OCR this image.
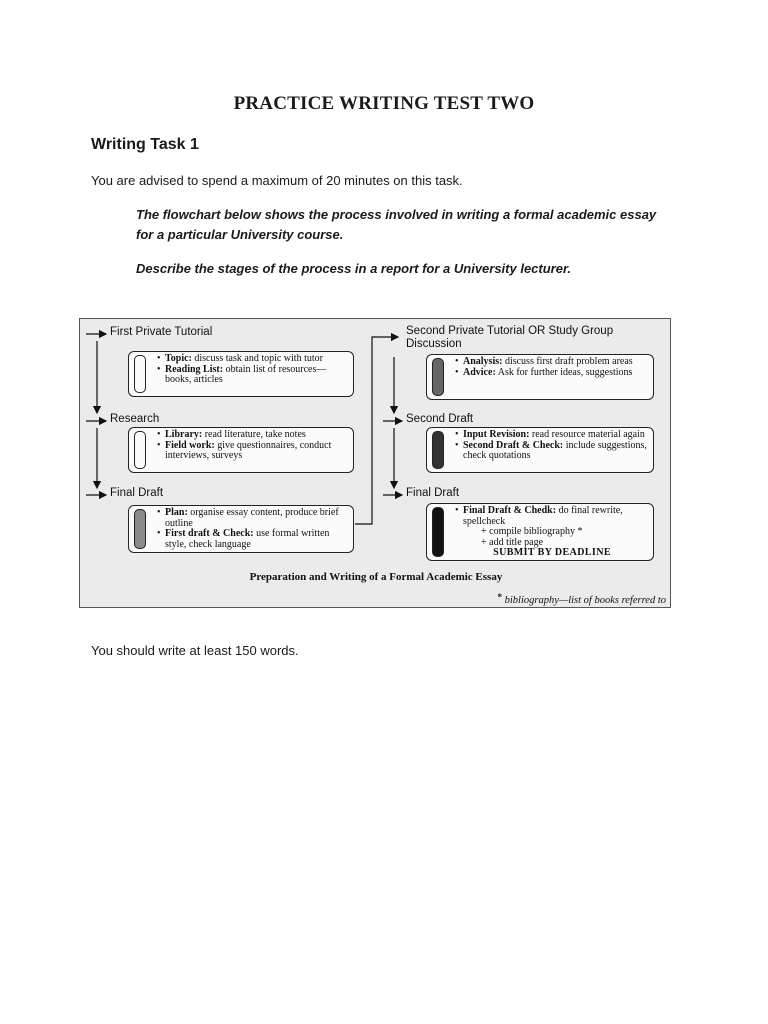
PRACTICE WRITING TEST TWO
Writing Task 1
You are advised to spend a maximum of 20 minutes on this task.
The flowchart below shows the process involved in writing a formal academic essay for a particular University course.
Describe the stages of the process in a report for a University lecturer.
First Private Tutorial
• Topic: discuss task and topic with tutor
• Reading List: obtain list of resources—books, articles
Research
• Library: read literature, take notes
• Field work: give questionnaires, conduct interviews, surveys
Final Draft
• Plan: organise essay content, produce brief outline
• First draft & Check: use formal written style, check language
Second Private Tutorial OR Study Group Discussion
• Analysis: discuss first draft problem areas
• Advice: Ask for further ideas, suggestions
Second Draft
• Input Revision: read resource material again
• Second Draft & Check: include suggestions, check quotations
Final Draft
• Final Draft & Chedk: do final rewrite, spellcheck
+ compile bibliography *
+ add title page
SUBMIT BY DEADLINE
Preparation and Writing of a Formal Academic Essay
* bibliography—list of books referred to
You should write at least 150 words.
